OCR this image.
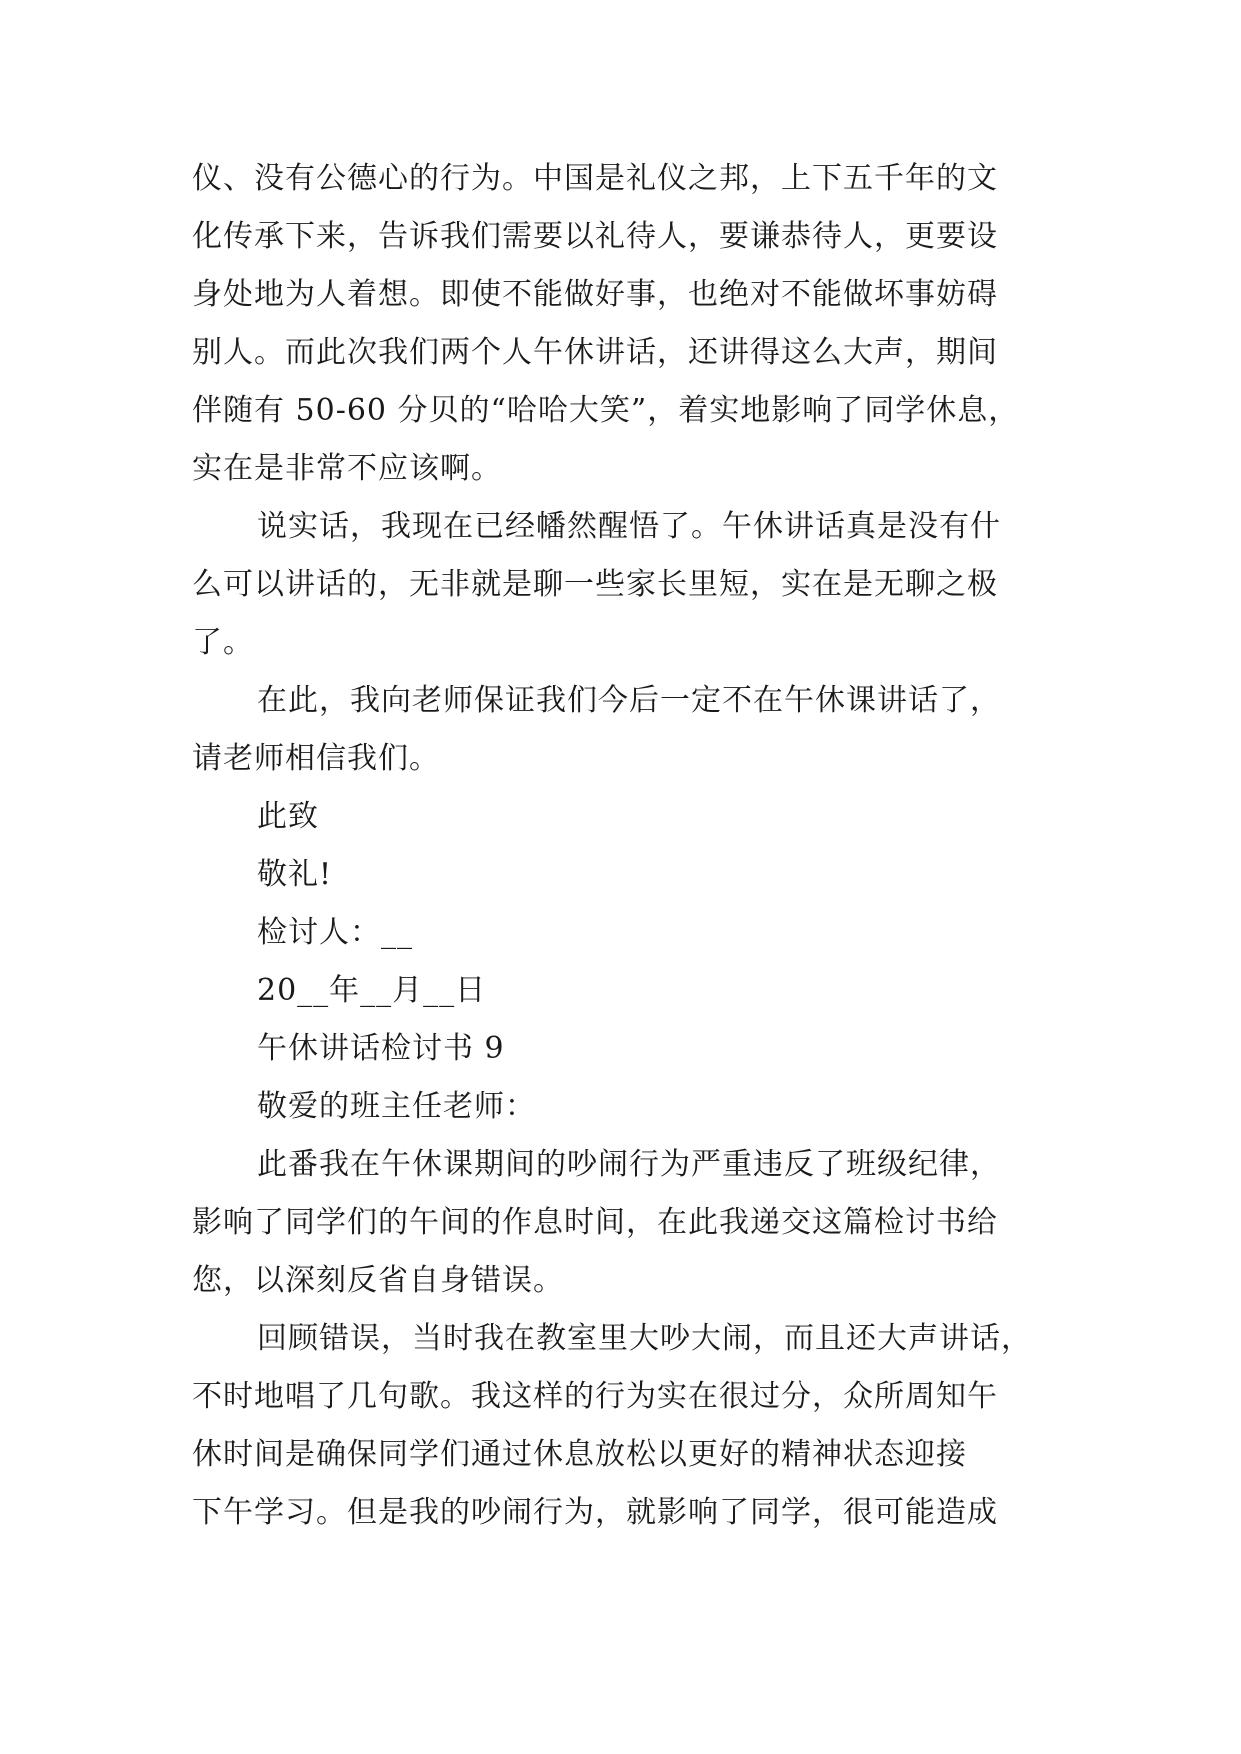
仪、没有公德心的行为。中国是礼仪之邦，上下五千年的文
化传承下来，告诉我们需要以礼待人，要谦恭待人，更要设
身处地为人着想。即使不能做好事，也绝对不能做坏事妨碍
别人。而此次我们两个人午休讲话，还讲得这么大声，期间
伴随有 50-60 分贝的“哈哈大笑”，着实地影响了同学休息，
实在是非常不应该啊。
说实话，我现在已经幡然醒悟了。午休讲话真是没有什
么可以讲话的，无非就是聊一些家长里短，实在是无聊之极
了。
在此，我向老师保证我们今后一定不在午休课讲话了，
请老师相信我们。
此致
敬礼!
检讨人：__
20__年__月__日
午休讲话检讨书 9
敬爱的班主任老师：
此番我在午休课期间的吵闹行为严重违反了班级纪律，
影响了同学们的午间的作息时间，在此我递交这篇检讨书给
您，以深刻反省自身错误。
回顾错误，当时我在教室里大吵大闹，而且还大声讲话，
不时地唱了几句歌。我这样的行为实在很过分，众所周知午
休时间是确保同学们通过休息放松以更好的精神状态迎接
下午学习。但是我的吵闹行为，就影响了同学，很可能造成
